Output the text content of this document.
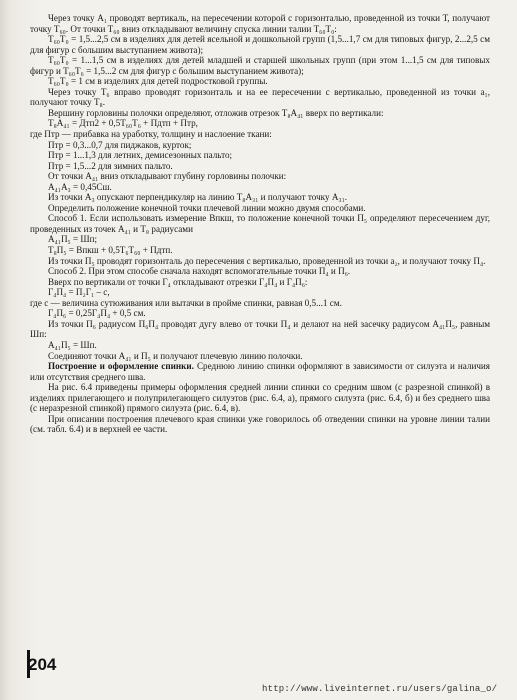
Через точку А₁ проводят вертикаль, на пересечении которой с горизонталью, проведенной из точки Т, получают точку Т₆₀. От точки Т₆₀ вниз откладывают величину спуска линии талии Т₆₀Т₀:

Т₆₀Т₀ = 1,5...2,5 см в изделиях для детей ясельной и дошкольной групп (1,5...1,7 см для типовых фигур, 2...2,5 см для фигур с большим выступанием живота);

Т₆₀Т₀ = 1...1,5 см в изделиях для детей младшей и старшей школьных групп (при этом 1...1,5 см для типовых фигур и Т₆₀Т₆ = 1,5...2 см для фигур с большим выступанием живота);

Т₆₀Т₀ = 1 см в изделиях для детей подростковой группы.

Через точку Т₆ вправо проводят горизонталь и на ее пересечении с вертикалью, проведенной из точки а₁, получают точку Т₈.

Вершину горловины полочки определяют, отложив отрезок Т₈А₄₁ вверх по вертикали:

Т₈А₄₁ = Дтп2 + 0,5Т₆₀Т₆ + Пдтп + Птр,

где Птр — прибавка на уработку, толщину и наслоение ткани:

Птр = 0,3...0,7 для пиджаков, курток;

Птр = 1...1,3 для летних, демисезонных пальто;

Птр = 1,5...2 для зимних пальто.

От точки А₄₁ вниз откладывают глубину горловины полочки:

А₄₁А₃ = 0,45Сш.

Из точки А₃ опускают перпендикуляр на линию Т₈А₃₁ и получают точку А₃₁.

Определить положение конечной точки плечевой линии можно двумя способами.

Способ 1. Если использовать измерение Впкш, то положение конечной точки П₅ определяют пересечением дуг, проведенных из точек А₄₁ и Т₈ радиусами

А₄₁П₅ = Шп;

Т₈П₅ = Впкш + 0,5Т₆Т₆₀ + Пдтп.

Из точки П₅ проводят горизонталь до пересечения с вертикалью, проведенной из точки а₂, и получают точку П₄.

Способ 2. При этом способе сначала находят вспомогательные точки П₄ и П₆.

Вверх по вертикали от точки Г₄ откладывают отрезки Г₄П₄ и Г₄П₆:

Г₄П₄ = П₂Г₁ – с,

где с — величина сутюживания или вытачки в пройме спинки, равная 0,5...1 см.

Г₄П₆ = 0,25Г₄П₄ + 0,5 см.

Из точки П₆ радиусом П₆П₄ проводят дугу влево от точки П₄ и делают на ней засечку радиусом А₄₁П₅, равным Шп:

А₄₁П₅ = Шп.

Соединяют точки А₄₁ и П₅ и получают плечевую линию полочки.

Построение и оформление спинки. Среднюю линию спинки оформляют в зависимости от силуэта и наличия или отсутствия среднего шва.

На рис. 6.4 приведены примеры оформления средней линии спинки со средним швом (с разрезной спинкой) в изделиях прилегающего и полуприлегающего силуэтов (рис. 6.4, а), прямого силуэта (рис. 6.4, б) и без среднего шва (с неразрезной спинкой) прямого силуэта (рис. 6.4, в).

При описании построения плечевого края спинки уже говорилось об отведении спинки на уровне линии талии (см. табл. 6.4) и в верхней ее части.

204
http://www.liveinternet.ru/users/galina_o/
